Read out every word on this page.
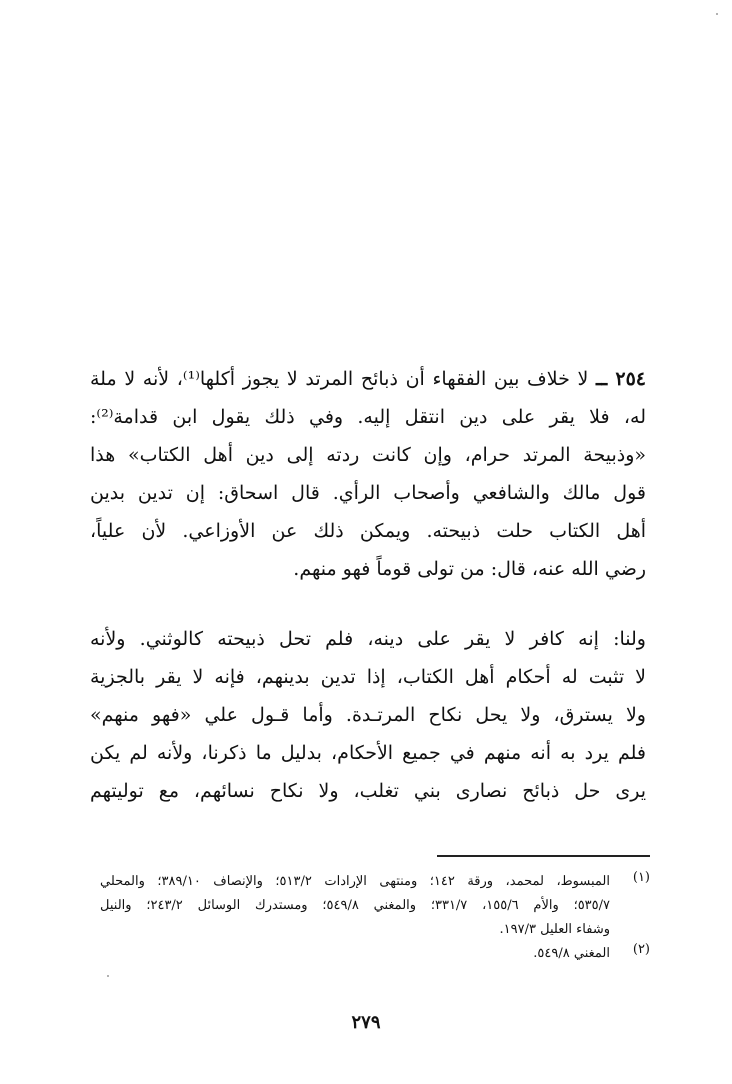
٢٥٤ ــ لا خلاف بين الفقهاء أن ذبائح المرتد لا يجوز أكلها⁽¹⁾، لأنه لا ملة
له، فلا يقر على دين انتقل إليه. وفي ذلك يقول ابن قدامة⁽²⁾:
«وذبيحة المرتد حرام، وإن كانت ردته إلى دين أهل الكتاب» هذا
قول مالك والشافعي وأصحاب الرأي. قال اسحاق: إن تدين بدين
أهل الكتاب حلت ذبيحته. ويمكن ذلك عن الأوزاعي. لأن علياً،
رضي الله عنه، قال: من تولى قوماً فهو منهم.
ولنا: إنه كافر لا يقر على دينه، فلم تحل ذبيحته كالوثني. ولأنه
لا تثبت له أحكام أهل الكتاب، إذا تدين بدينهم، فإنه لا يقر بالجزية
ولا يسترق، ولا يحل نكاح المرتـدة. وأما قـول علي «فهو منهم»
فلم يرد به أنه منهم في جميع الأحكام، بدليل ما ذكرنا، ولأنه لم يكن
يرى حل ذبائح نصارى بني تغلب، ولا نكاح نسائهم، مع توليتهم
(١)
المبسوط، لمحمد، ورقة ١٤٢؛ ومنتهى الإرادات ٥١٣/٢؛ والإنصاف ٣٨٩/١٠؛ والمحلي
٥٣٥/٧؛ والأم ١٥٥/٦، ٣٣١/٧؛ والمغني ٥٤٩/٨؛ ومستدرك الوسائل ٢٤٣/٢؛ والنيل
وشفاء العليل ١٩٧/٣.
(٢)
المغني ٥٤٩/٨.
٢٧٩
